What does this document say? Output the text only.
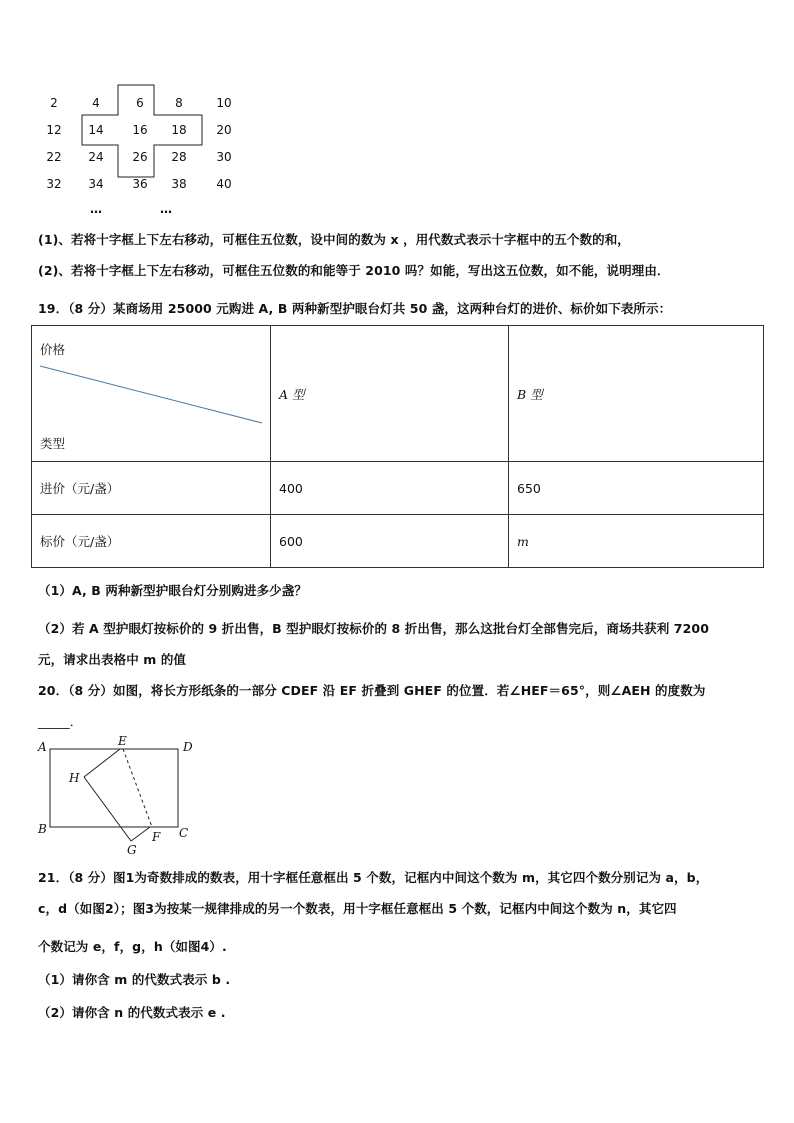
2	4	6	8	10
12	14	16	18	20
22	24	26	28	30
32	34	36	38	40
…	…
(1)、若将十字框上下左右移动，可框住五位数，设中间的数为 x ，用代数式表示十字框中的五个数的和，
(2)、若将十字框上下左右移动，可框住五位数的和能等于 2010 吗？如能，写出这五位数，如不能，说明理由．
19．（8 分）某商场用 25000 元购进 A, B 两种新型护眼台灯共 50 盏，这两种台灯的进价、标价如下表所示：
价格
类型	A 型	B 型
进价（元/盏）	400	650
标价（元/盏）	600	m
（1）A, B 两种新型护眼台灯分别购进多少盏？
（2）若 A 型护眼灯按标价的 9 折出售，B 型护眼灯按标价的 8 折出售，那么这批台灯全部售完后，商场共获利 7200
元，请求出表格中 m 的值
20．（8 分）如图，将长方形纸条的一部分 CDEF 沿 EF 折叠到 GHEF 的位置．若∠HEF＝65°，则∠AEH 的度数为
_____．
A	E	D
H
B	C
F
G
21．（8 分）图1为奇数排成的数表，用十字框任意框出 5 个数，记框内中间这个数为 m，其它四个数分别记为 a，b，
c，d（如图2）；图3为按某一规律排成的另一个数表，用十字框任意框出 5 个数，记框内中间这个数为 n，其它四
个数记为 e，f，g，h（如图4）.
（1）请你含 m 的代数式表示 b .
（2）请你含 n 的代数式表示 e .
